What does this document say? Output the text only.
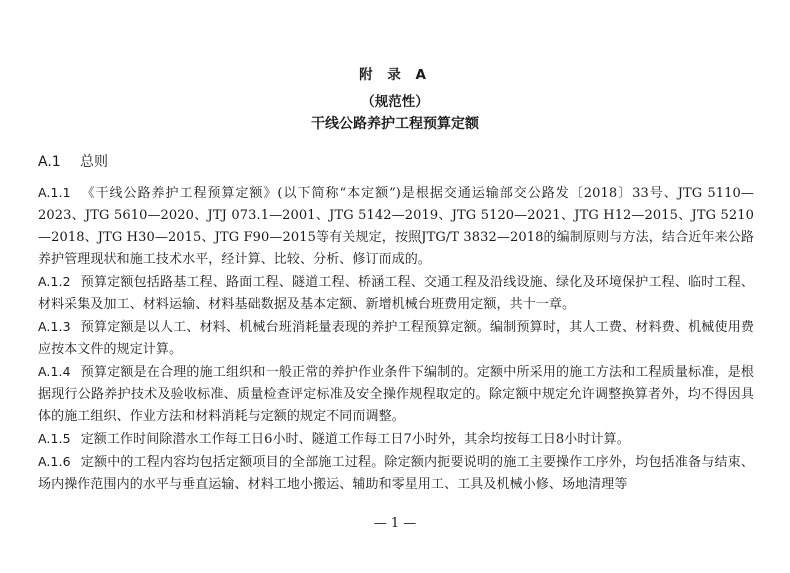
附 录 A
（规范性）
干线公路养护工程预算定额
A.1 总则

A.1.1 《干线公路养护工程预算定额》(以下简称“本定额”)是根据交通运输部交公路发〔2018〕33号、JTG 5110—2023、JTG 5610—2020、JTJ 073.1—2001、JTG 5142—2019、JTG 5120—2021、JTG H12—2015、JTG 5210—2018、JTG H30—2015、JTG F90—2015等有关规定，按照JTG/T 3832—2018的编制原则与方法，结合近年来公路养护管理现状和施工技术水平，经计算、比较、分析、修订而成的。

A.1.2 预算定额包括路基工程、路面工程、隧道工程、桥涵工程、交通工程及沿线设施、绿化及环境保护工程、临时工程、材料采集及加工、材料运输、材料基础数据及基本定额、新增机械台班费用定额，共十一章。

A.1.3 预算定额是以人工、材料、机械台班消耗量表现的养护工程预算定额。编制预算时，其人工费、材料费、机械使用费应按本文件的规定计算。

A.1.4 预算定额是在合理的施工组织和一般正常的养护作业条件下编制的。定额中所采用的施工方法和工程质量标准，是根据现行公路养护技术及验收标准、质量检查评定标准及安全操作规程取定的。除定额中规定允许调整换算者外，均不得因具体的施工组织、作业方法和材料消耗与定额的规定不同而调整。

A.1.5 定额工作时间除潜水工作每工日6小时、隧道工作每工日7小时外，其余均按每工日8小时计算。

A.1.6 定额中的工程内容均包括定额项目的全部施工过程。除定额内扼要说明的施工主要操作工序外，均包括准备与结束、场内操作范围内的水平与垂直运输、材料工地小搬运、辅助和零星用工、工具及机械小修、场地清理等

— 1 —
